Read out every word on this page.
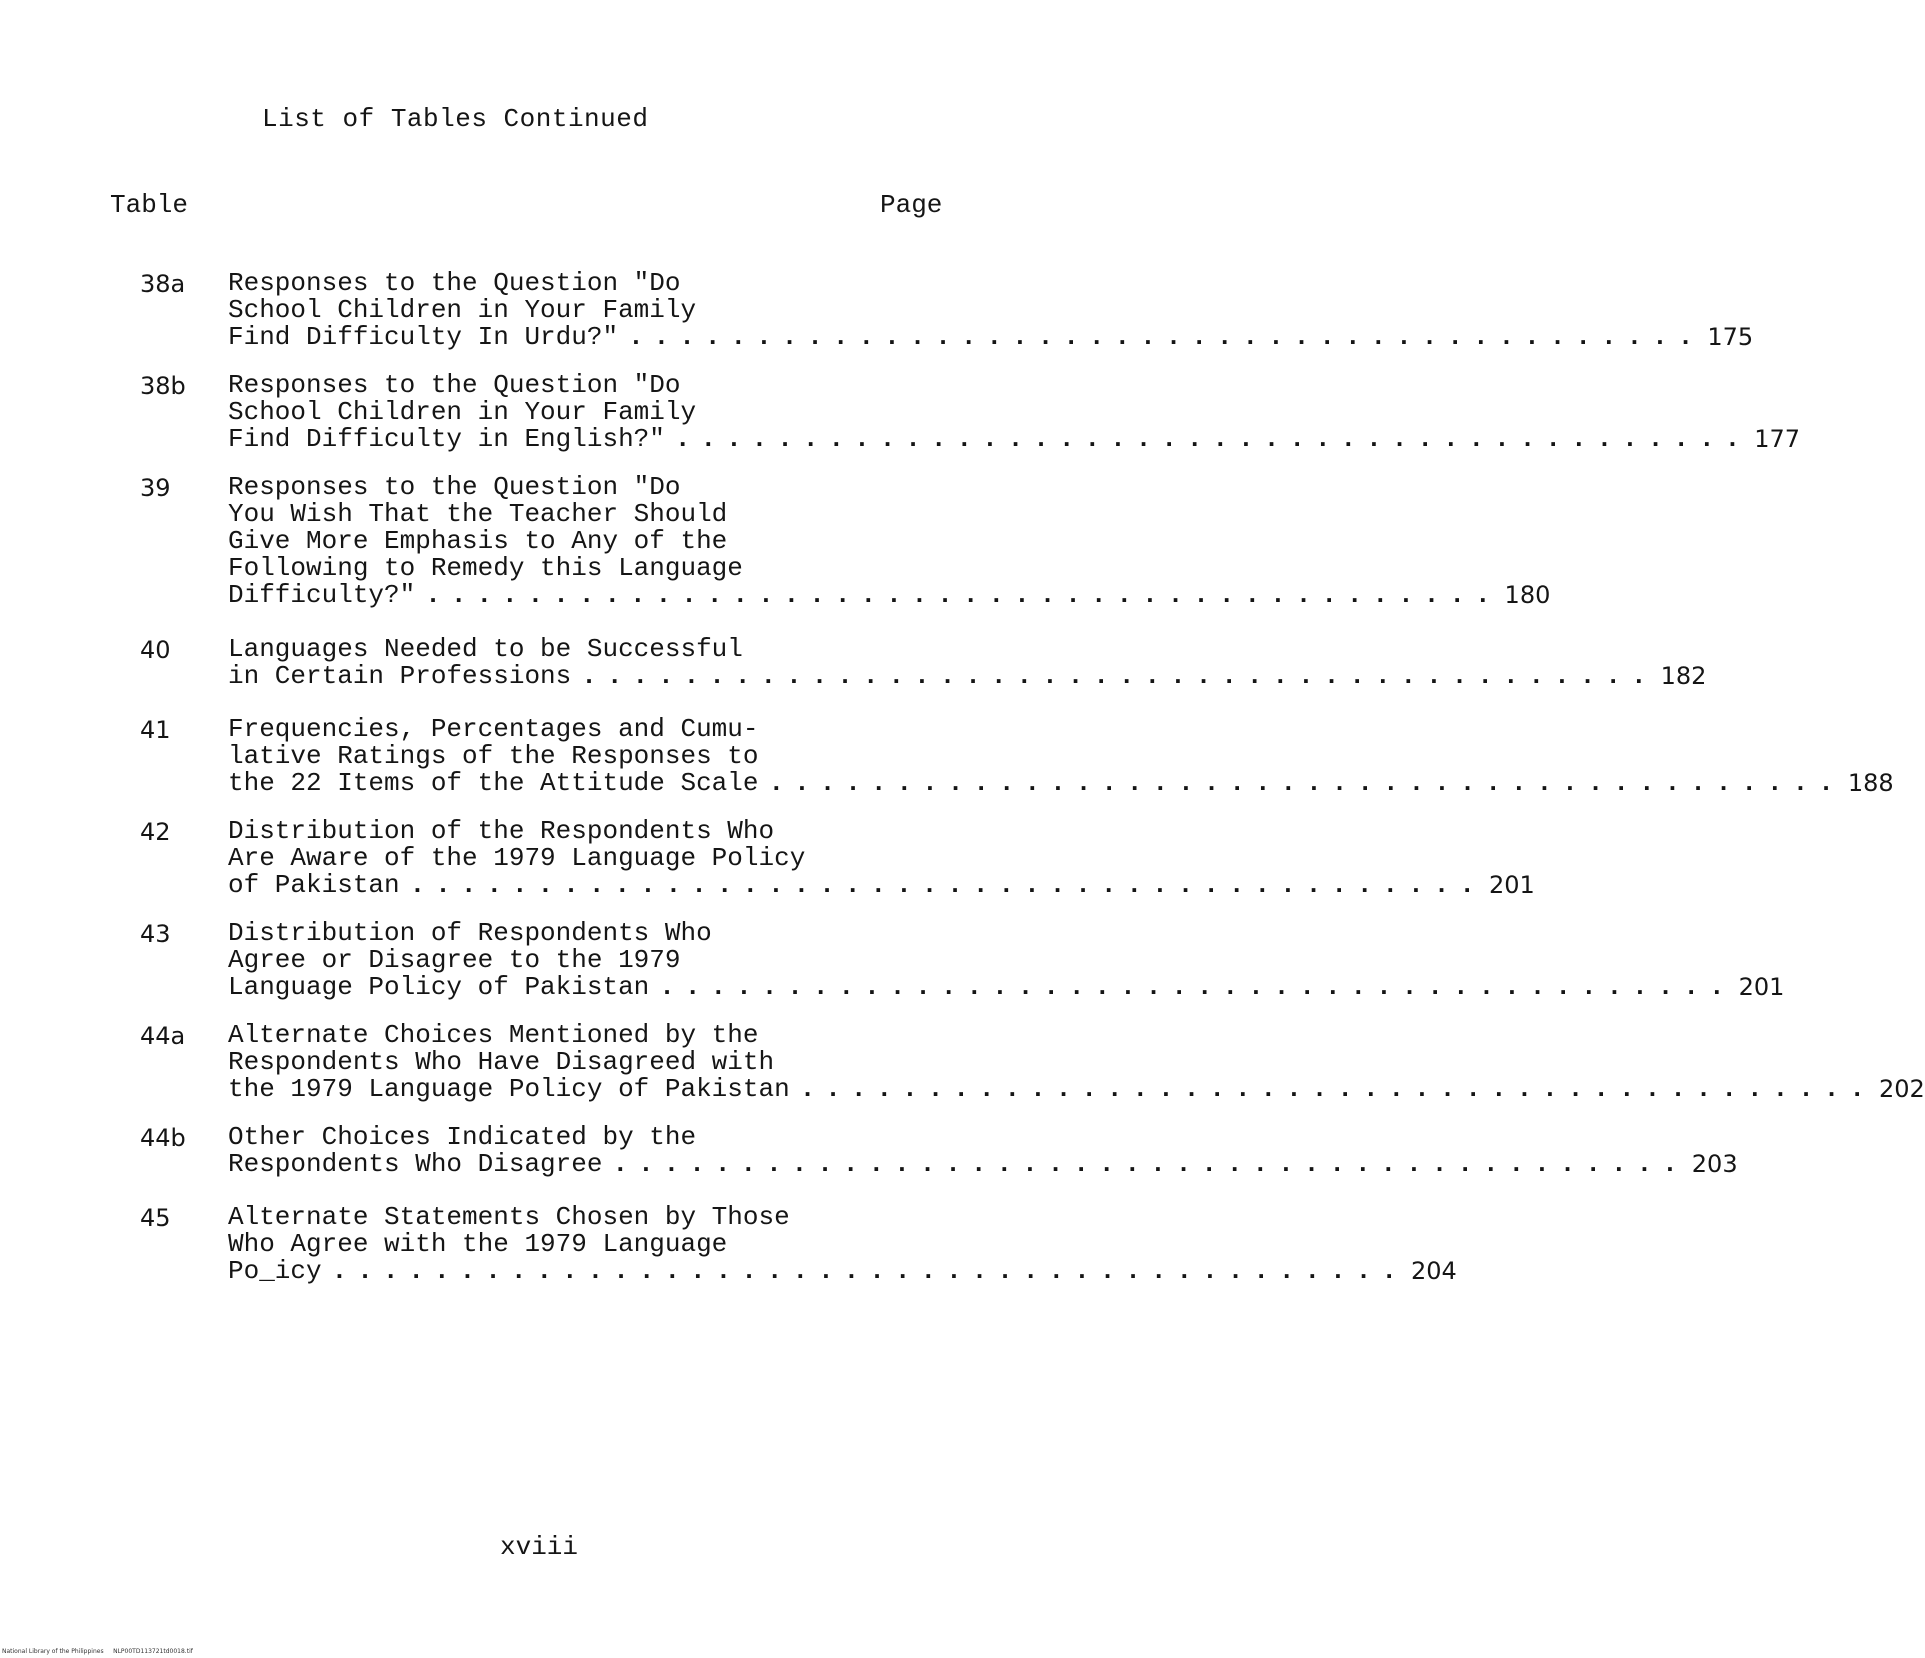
List of Tables Continued
Table	Page
38a Responses to the Question "Do
School Children in Your Family
Find Difficulty In Urdu?" .......................................... 175
38b Responses to the Question "Do
School Children in Your Family
Find Difficulty in English?" .......................................... 177
39 Responses to the Question "Do
You Wish That the Teacher Should
Give More Emphasis to Any of the
Following to Remedy this Language
Difficulty?" .......................................... 180
40 Languages Needed to be Successful
in Certain Professions .......................................... 182
41 Frequencies, Percentages and Cumu-
lative Ratings of the Responses to
the 22 Items of the Attitude Scale .......................................... 188
42 Distribution of the Respondents Who
Are Aware of the 1979 Language Policy
of Pakistan .......................................... 201
43 Distribution of Respondents Who
Agree or Disagree to the 1979
Language Policy of Pakistan .......................................... 201
44a Alternate Choices Mentioned by the
Respondents Who Have Disagreed with
the 1979 Language Policy of Pakistan .......................................... 202
44b Other Choices Indicated by the
Respondents Who Disagree .......................................... 203
45 Alternate Statements Chosen by Those
Who Agree with the 1979 Language
Po_icy .......................................... 204
xviii
National Library of the Philippines     NLP00TD113721td0018.tif
